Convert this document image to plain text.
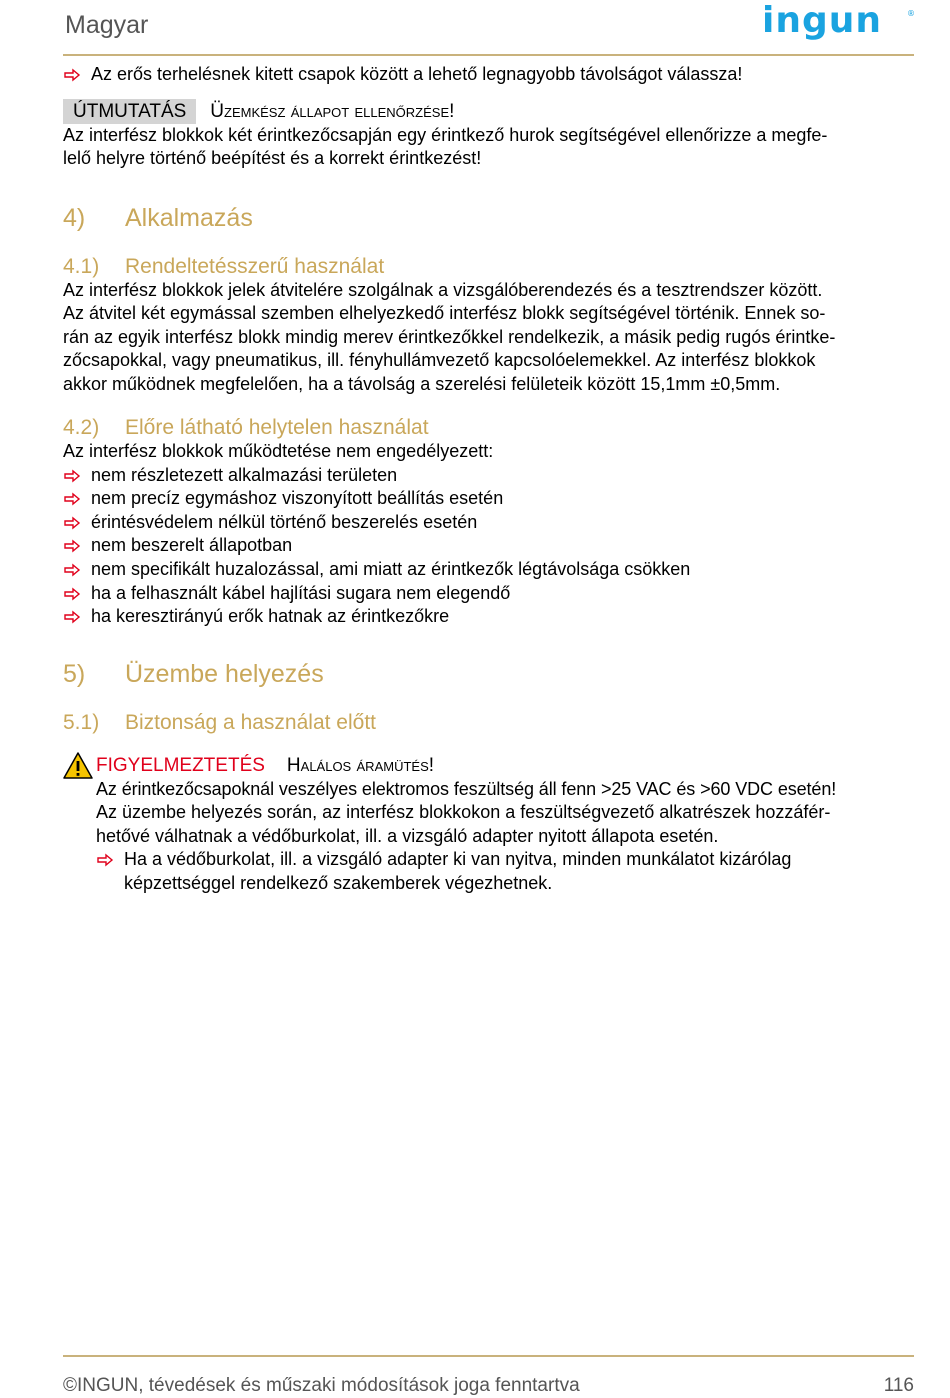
Magyar	ingun	®
Az erős terhelésnek kitett csapok között a lehető legnagyobb távolságot válassza!
ÚTMUTATÁS Üzemkész állapot ellenőrzése!

Az interfész blokkok két érintkezőcsapján egy érintkező hurok segítségével ellenőrizze a megfe-

lelő helyre történő beépítést és a korrekt érintkezést!

4) Alkalmazás
4.1) Rendeltetésszerű használat

Az interfész blokkok jelek átvitelére szolgálnak a vizsgálóberendezés és a tesztrendszer között.

Az átvitel két egymással szemben elhelyezkedő interfész blokk segítségével történik. Ennek so-

rán az egyik interfész blokk mindig merev érintkezőkkel rendelkezik, a másik pedig rugós érintke-

zőcsapokkal, vagy pneumatikus, ill. fényhullámvezető kapcsolóelemekkel. Az interfész blokkok

akkor működnek megfelelően, ha a távolság a szerelési felületeik között 15,1mm ±0,5mm.

4.2) Előre látható helytelen használat

Az interfész blokkok működtetése nem engedélyezett:

nem részletezett alkalmazási területen
nem precíz egymáshoz viszonyított beállítás esetén
érintésvédelem nélkül történő beszerelés esetén
nem beszerelt állapotban
nem specifikált huzalozással, ami miatt az érintkezők légtávolsága csökken
ha a felhasznált kábel hajlítási sugara nem elegendő
ha keresztirányú erők hatnak az érintkezőkre
5) Üzembe helyezés
5.1) Biztonság a használat előtt
FIGYELMEZTETÉS Halálos áramütés!

Az érintkezőcsapoknál veszélyes elektromos feszültség áll fenn >25 VAC és >60 VDC esetén!

Az üzembe helyezés során, az interfész blokkokon a feszültségvezető alkatrészek hozzáfér-

hetővé válhatnak a védőburkolat, ill. a vizsgáló adapter nyitott állapota esetén.

Ha a védőburkolat, ill. a vizsgáló adapter ki van nyitva, minden munkálatot kizárólag
képzettséggel rendelkező szakemberek végezhetnek.
©INGUN, tévedések és műszaki módosítások joga fenntartva	116
